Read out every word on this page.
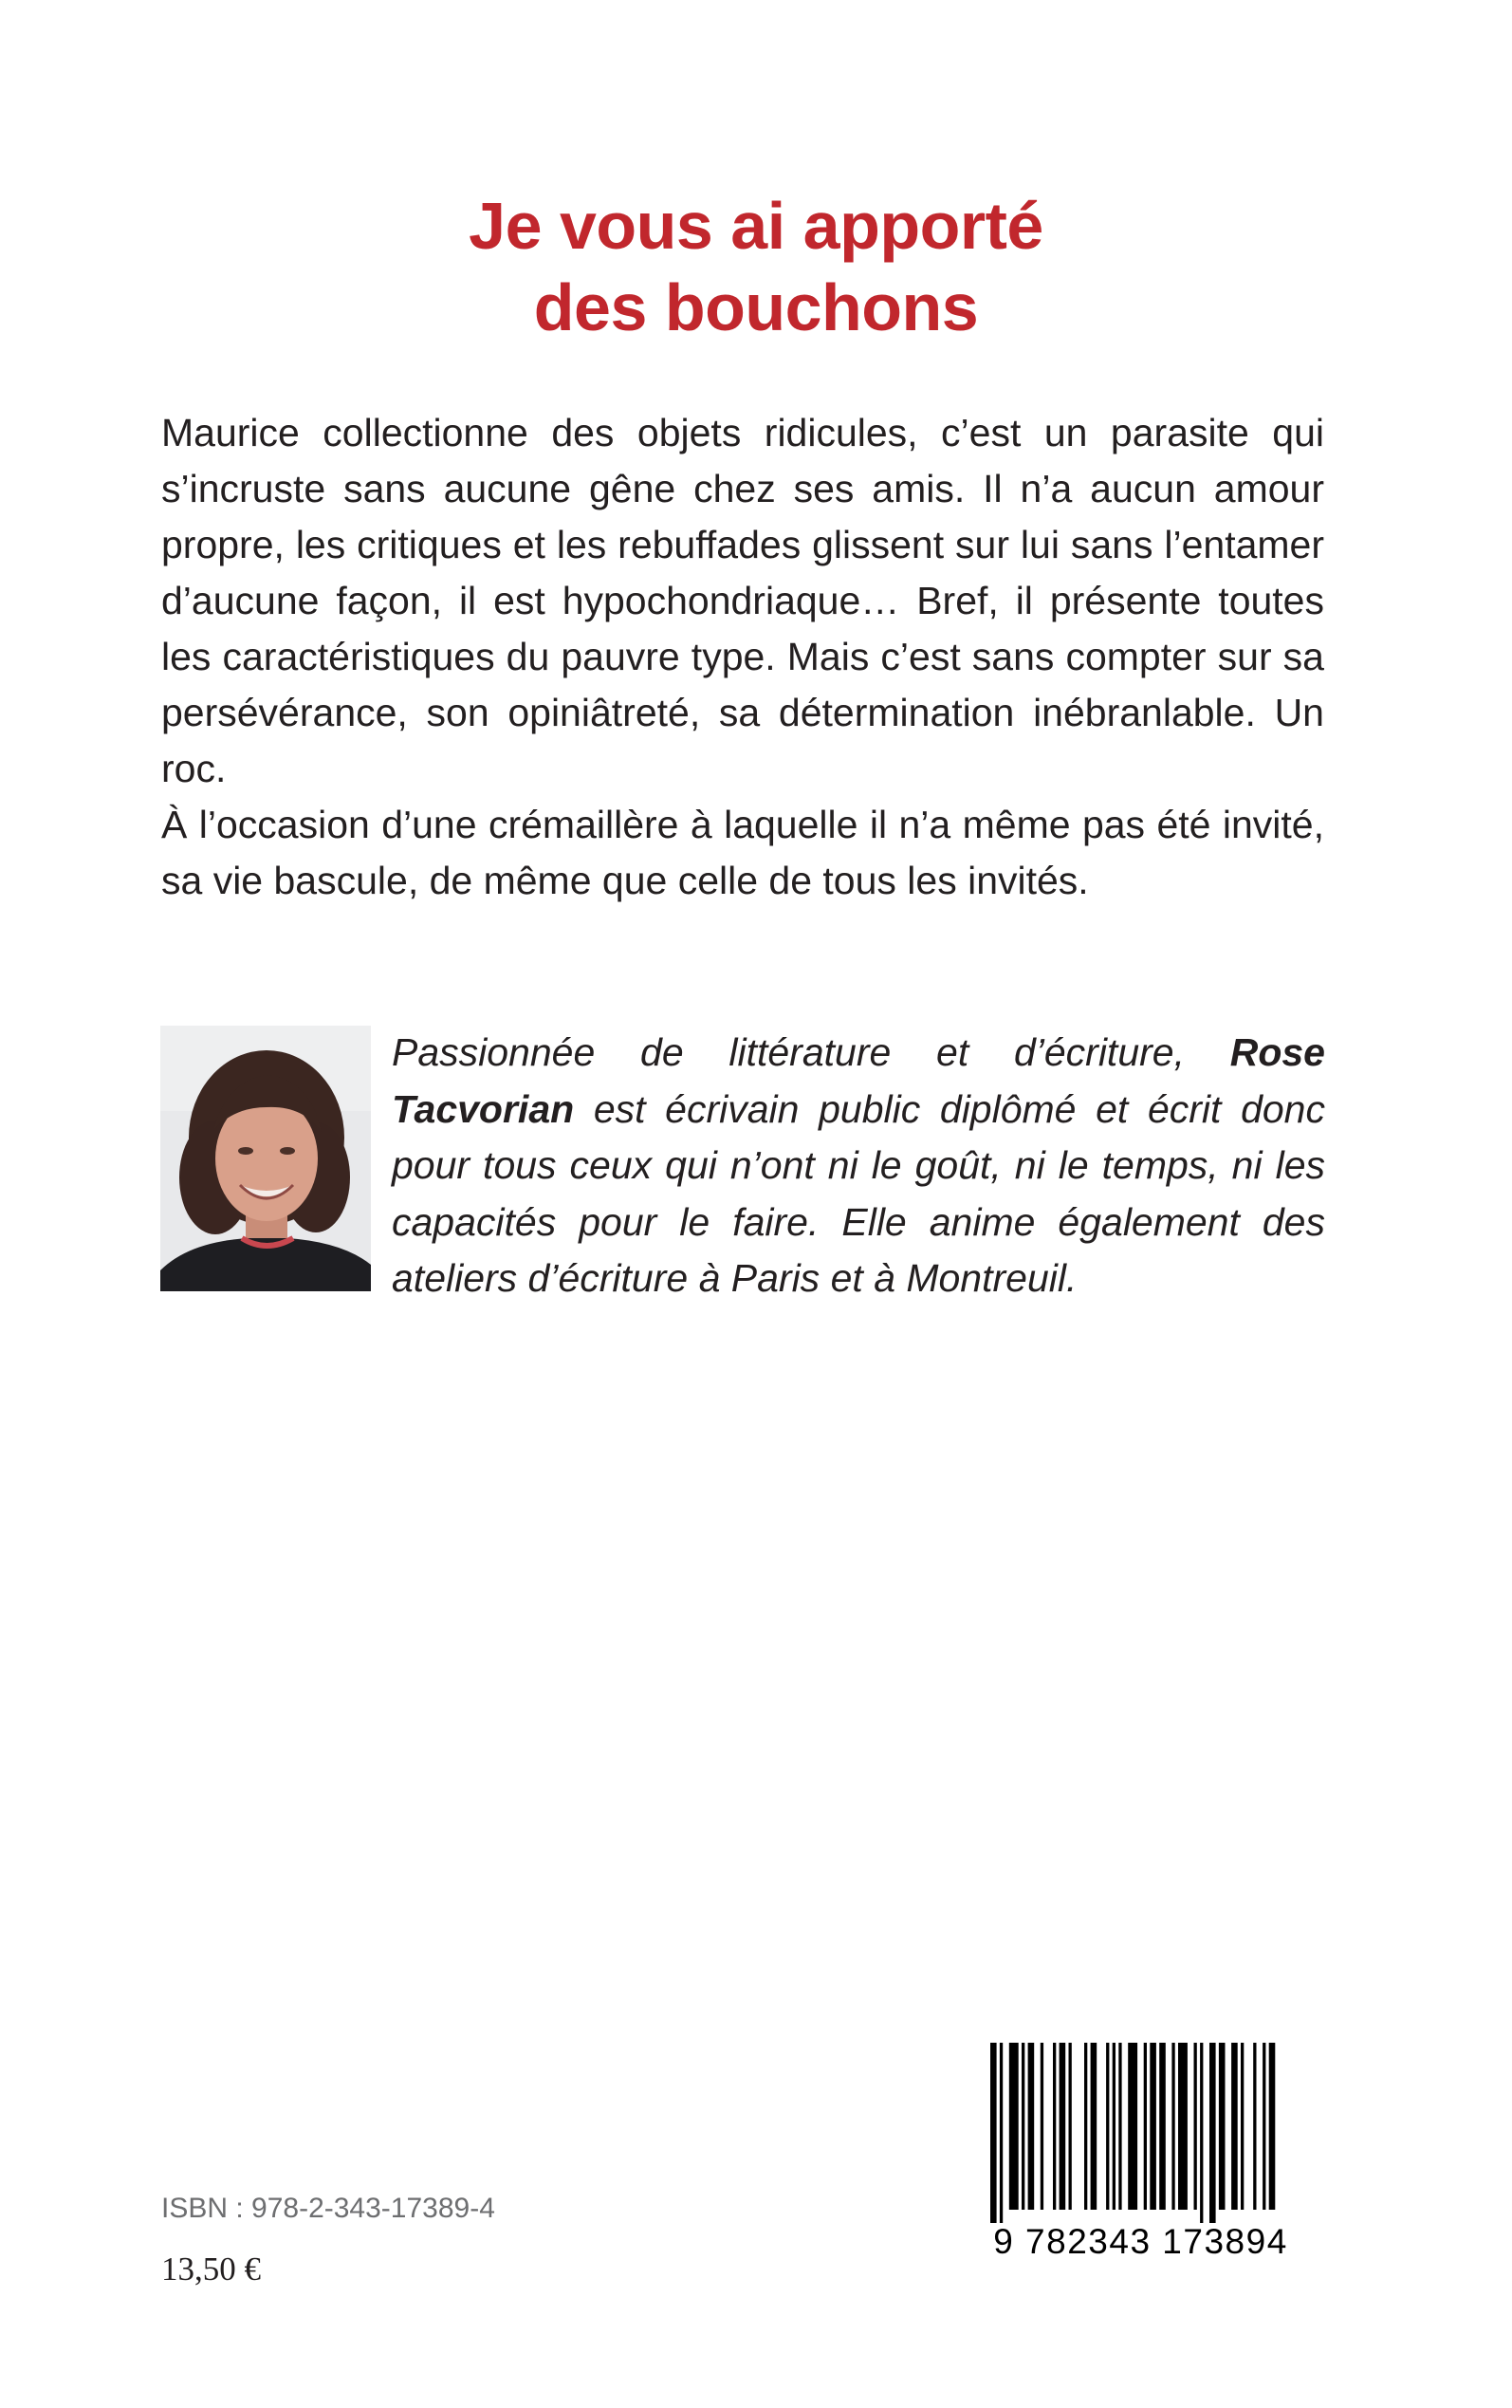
Je vous ai apporté
des bouchons

Maurice collectionne des objets ridicules, c’est un parasite qui s’incruste sans aucune gêne chez ses amis. Il n’a aucun amour propre, les critiques et les rebuffades glissent sur lui sans l’entamer d’aucune façon, il est hypochondriaque… Bref, il présente toutes les caractéristiques du pauvre type. Mais c’est sans compter sur sa persévérance, son opiniâtreté, sa détermination inébranlable. Un roc.

À l’occasion d’une crémaillère à laquelle il n’a même pas été invité, sa vie bascule, de même que celle de tous les invités.

Passionnée de littérature et d’écriture, Rose Tacvorian est écrivain public diplômé et écrit donc pour tous ceux qui n’ont ni le goût, ni le temps, ni les capacités pour le faire. Elle anime également des ateliers d’écriture à Paris et à Montreuil.
9 782343 173894
ISBN : 978-2-343-17389-4
13,50 €
